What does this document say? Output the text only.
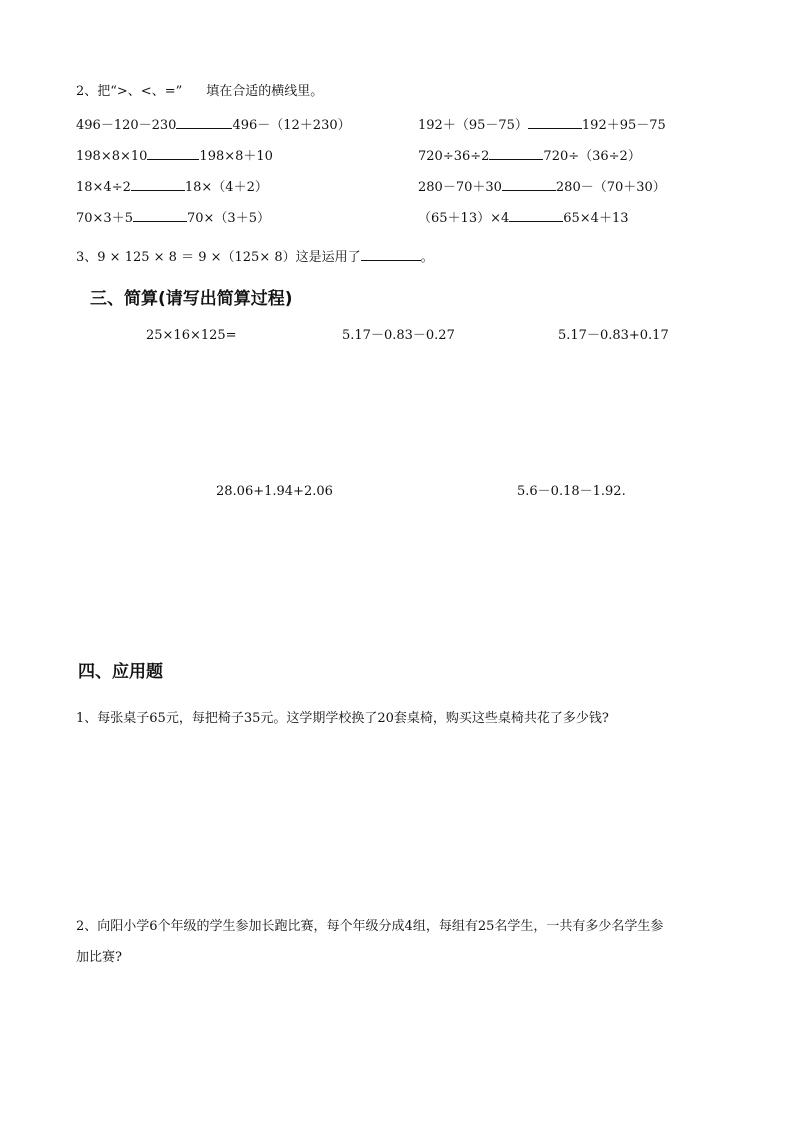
2、把“>、<、=” 填在合适的横线里。
496－120－230	496－（12＋230）	192＋（95－75）	192＋95－75
198×8×10	198×8＋10	720÷36÷2	720÷（36÷2）
18×4÷2	18×（4＋2）	280－70＋30	280－（70＋30）
70×3＋5	70×（3＋5）	（65＋13）×4	65×4＋13
3、9 × 125 × 8 ＝ 9 ×（125× 8）这是运用了	。
三、简算(请写出简算过程)
25×16×125=	5.17－0.83－0.27	5.17－0.83+0.17
28.06+1.94+2.06	5.6－0.18－1.92.
四、应用题
1、每张桌子65元，每把椅子35元。这学期学校换了20套桌椅，购买这些桌椅共花了多少钱?
2、向阳小学6个年级的学生参加长跑比赛，每个年级分成4组，每组有25名学生，一共有多少名学生参
加比赛?
